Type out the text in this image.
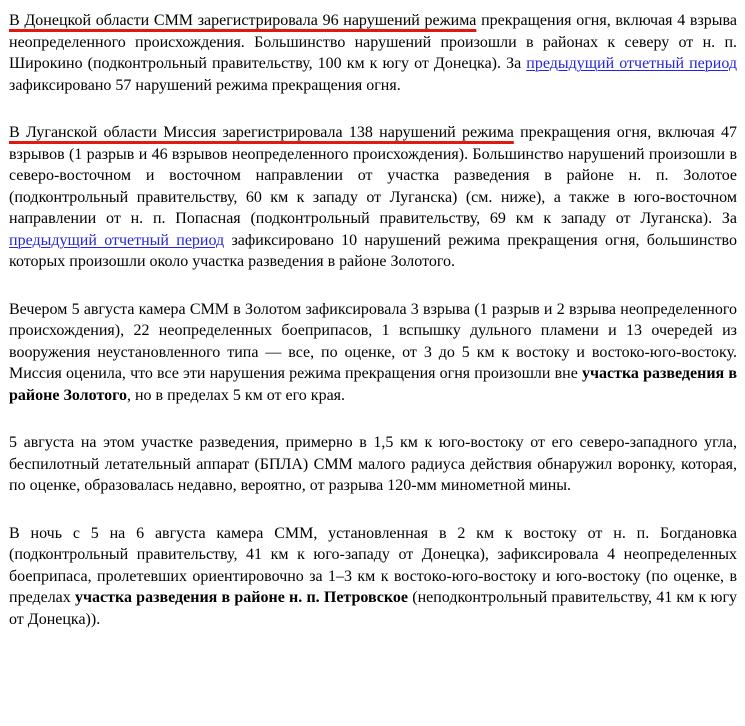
В Донецкой области СММ зарегистрировала 96 нарушений режима прекращения огня, включая 4 взрыва неопределенного происхождения. Большинство нарушений произошли в районах к северу от н. п. Широкино (подконтрольный правительству, 100 км к югу от Донецка). За предыдущий отчетный период зафиксировано 57 нарушений режима прекращения огня.

В Луганской области Миссия зарегистрировала 138 нарушений режима прекращения огня, включая 47 взрывов (1 разрыв и 46 взрывов неопределенного происхождения). Большинство нарушений произошли в северо-восточном и восточном направлении от участка разведения в районе н. п. Золотое (подконтрольный правительству, 60 км к западу от Луганска) (см. ниже), а также в юго-восточном направлении от н. п. Попасная (подконтрольный правительству, 69 км к западу от Луганска). За предыдущий отчетный период зафиксировано 10 нарушений режима прекращения огня, большинство которых произошли около участка разведения в районе Золотого.

Вечером 5 августа камера СММ в Золотом зафиксировала 3 взрыва (1 разрыв и 2 взрыва неопределенного происхождения), 22 неопределенных боеприпасов, 1 вспышку дульного пламени и 13 очередей из вооружения неустановленного типа — все, по оценке, от 3 до 5 км к востоку и востоко-юго-востоку. Миссия оценила, что все эти нарушения режима прекращения огня произошли вне участка разведения в районе Золотого, но в пределах 5 км от его края.

5 августа на этом участке разведения, примерно в 1,5 км к юго-востоку от его северо-западного угла, беспилотный летательный аппарат (БПЛА) СММ малого радиуса действия обнаружил воронку, которая, по оценке, образовалась недавно, вероятно, от разрыва 120-мм минометной мины.

В ночь с 5 на 6 августа камера СММ, установленная в 2 км к востоку от н. п. Богдановка (подконтрольный правительству, 41 км к юго-западу от Донецка), зафиксировала 4 неопределенных боеприпаса, пролетевших ориентировочно за 1–3 км к востоко-юго-востоку и юго-востоку (по оценке, в пределах участка разведения в районе н. п. Петровское (неподконтрольный правительству, 41 км к югу от Донецка)).
